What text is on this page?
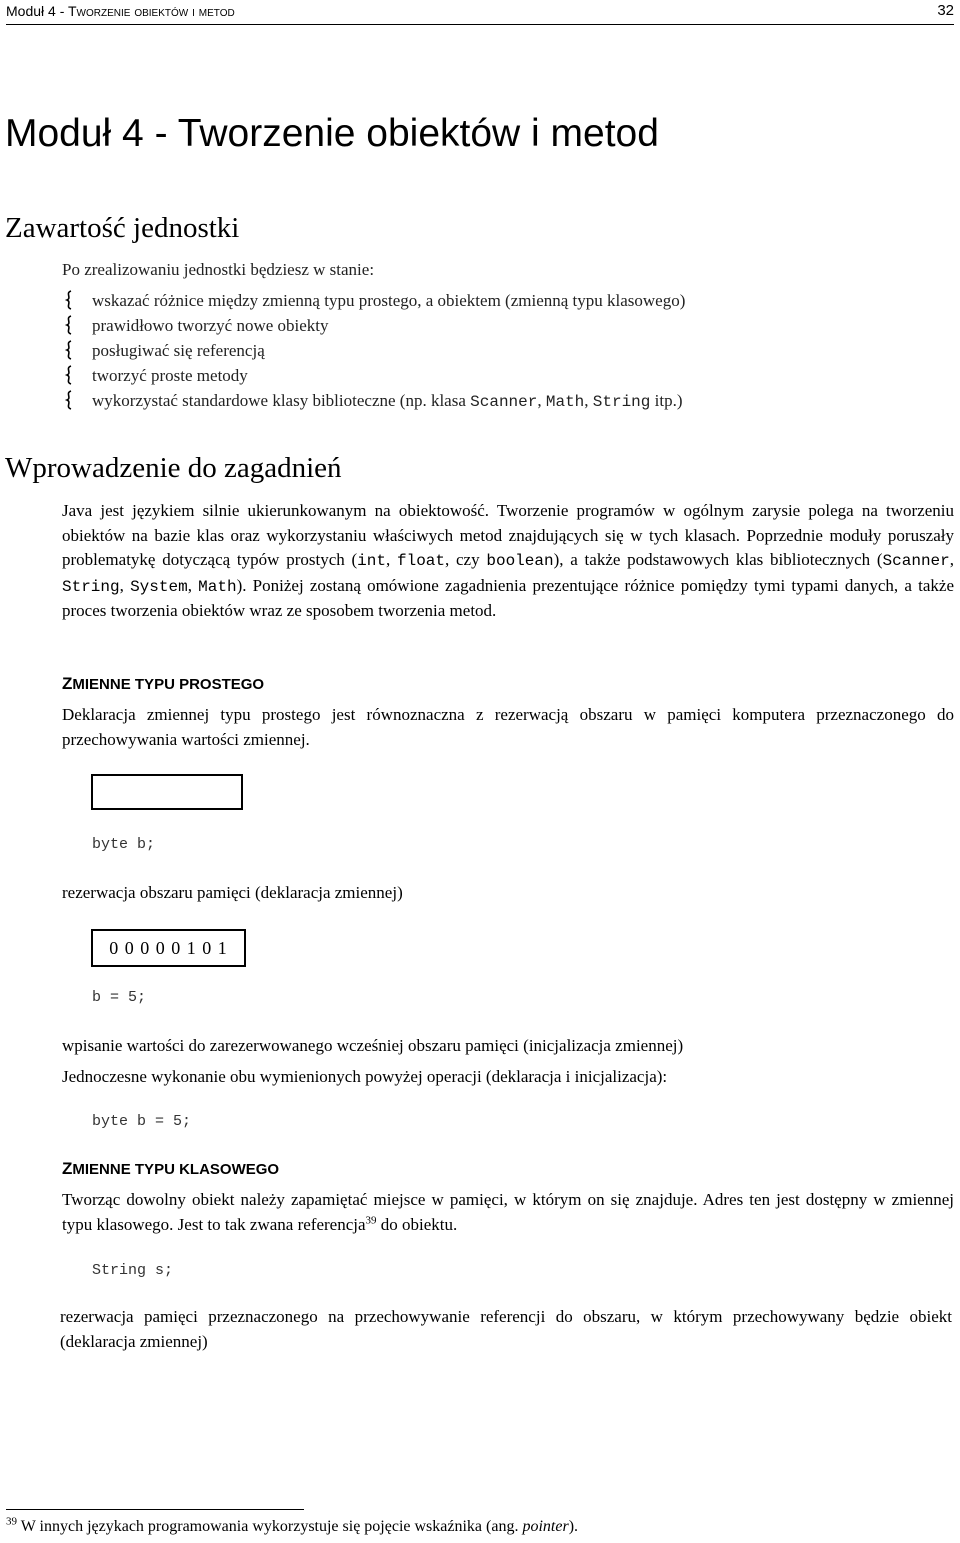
Moduł 4 - Tworzenie obiektów i metod	32
Moduł 4 - Tworzenie obiektów i metod
Zawartość jednostki
Po zrealizowaniu jednostki będziesz w stanie:
wskazać różnice między zmienną typu prostego, a obiektem (zmienną typu klasowego)
prawidłowo tworzyć nowe obiekty
posługiwać się referencją
tworzyć proste metody
wykorzystać standardowe klasy biblioteczne (np. klasa Scanner, Math, String itp.)
Wprowadzenie do zagadnień
Java jest językiem silnie ukierunkowanym na obiektowość. Tworzenie programów w ogólnym zarysie polega na tworzeniu obiektów na bazie klas oraz wykorzystaniu właściwych metod znajdujących się w tych klasach. Poprzednie moduły poruszały problematykę dotyczącą typów prostych (int, float, czy boolean), a także podstawowych klas bibliotecznych (Scanner, String, System, Math). Poniżej zostaną omówione zagadnienia prezentujące różnice pomiędzy tymi typami danych, a także proces tworzenia obiektów wraz ze sposobem tworzenia metod.
ZMIENNE TYPU PROSTEGO
Deklaracja zmiennej typu prostego jest równoznaczna z rezerwacją obszaru w pamięci komputera przeznaczonego do przechowywania wartości zmiennej.
byte b;
rezerwacja obszaru pamięci (deklaracja zmiennej)
0 0 0 0 0 1 0 1
b = 5;
wpisanie wartości do zarezerwowanego wcześniej obszaru pamięci (inicjalizacja zmiennej)
Jednoczesne wykonanie obu wymienionych powyżej operacji (deklaracja i inicjalizacja):
byte b = 5;
ZMIENNE TYPU KLASOWEGO
Tworząc dowolny obiekt należy zapamiętać miejsce w pamięci, w którym on się znajduje. Adres ten jest dostępny w zmiennej typu klasowego. Jest to tak zwana referencja$^{39}$ do obiektu.
String s;
rezerwacja pamięci przeznaczonego na przechowywanie referencji do obszaru, w którym przechowywany będzie obiekt (deklaracja zmiennej)
$^{39}$ W innych językach programowania wykorzystuje się pojęcie wskaźnika (ang. pointer).
